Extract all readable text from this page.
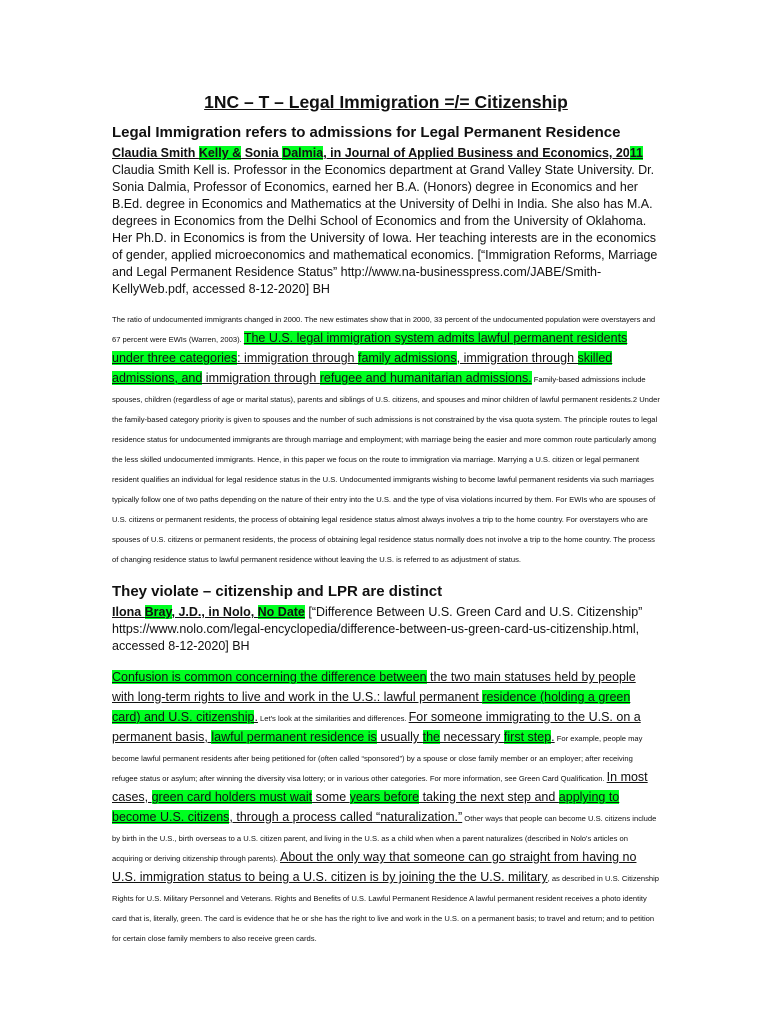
1NC – T – Legal Immigration =/= Citizenship

Legal Immigration refers to admissions for Legal Permanent Residence

Claudia Smith Kelly & Sonia Dalmia, in Journal of Applied Business and Economics, 2011

Claudia Smith Kell is. Professor in the Economics department at Grand Valley State University. Dr. Sonia Dalmia, Professor of Economics, earned her B.A. (Honors) degree in Economics and her B.Ed. degree in Economics and Mathematics at the University of Delhi in India. She also has M.A. degrees in Economics from the Delhi School of Economics and from the University of Oklahoma. Her Ph.D. in Economics is from the University of Iowa. Her teaching interests are in the economics of gender, applied microeconomics and mathematical economics. [“Immigration Reforms, Marriage and Legal Permanent Residence Status” http://www.na-businesspress.com/JABE/Smith-KellyWeb.pdf, accessed 8-12-2020] BH

The ratio of undocumented immigrants changed in 2000. The new estimates show that in 2000, 33 percent of the undocumented population were overstayers and 67 percent were EWIs (Warren, 2003). The U.S. legal immigration system admits lawful permanent residents under three categories: immigration through family admissions, immigration through skilled admissions, and immigration through refugee and humanitarian admissions. Family-based admissions include spouses, children (regardless of age or marital status), parents and siblings of U.S. citizens, and spouses and minor children of lawful permanent residents.2 Under the family-based category priority is given to spouses and the number of such admissions is not constrained by the visa quota system. The principle routes to legal residence status for undocumented immigrants are through marriage and employment; with marriage being the easier and more common route particularly among the less skilled undocumented immigrants. Hence, in this paper we focus on the route to immigration via marriage. Marrying a U.S. citizen or legal permanent resident qualifies an individual for legal residence status in the U.S. Undocumented immigrants wishing to become lawful permanent residents via such marriages typically follow one of two paths depending on the nature of their entry into the U.S. and the type of visa violations incurred by them. For EWIs who are spouses of U.S. citizens or permanent residents, the process of obtaining legal residence status almost always involves a trip to the home country. For overstayers who are spouses of U.S. citizens or permanent residents, the process of obtaining legal residence status normally does not involve a trip to the home country. The process of changing residence status to lawful permanent residence without leaving the U.S. is referred to as adjustment of status.

They violate – citizenship and LPR are distinct

Ilona Bray, J.D., in Nolo, No Date [“Difference Between U.S. Green Card and U.S. Citizenship” https://www.nolo.com/legal-encyclopedia/difference-between-us-green-card-us-citizenship.html, accessed 8-12-2020] BH

Confusion is common concerning the difference between the two main statuses held by people with long-term rights to live and work in the U.S.: lawful permanent residence (holding a green card) and U.S. citizenship. Let's look at the similarities and differences. For someone immigrating to the U.S. on a permanent basis, lawful permanent residence is usually the necessary first step. For example, people may become lawful permanent residents after being petitioned for (often called “sponsored”) by a spouse or close family member or an employer; after receiving refugee status or asylum; after winning the diversity visa lottery; or in various other categories. For more information, see Green Card Qualification. In most cases, green card holders must wait some years before taking the next step and applying to become U.S. citizens, through a process called “naturalization.” Other ways that people can become U.S. citizens include by birth in the U.S., birth overseas to a U.S. citizen parent, and living in the U.S. as a child when when a parent naturalizes (described in Nolo's articles on acquiring or deriving citizenship through parents). About the only way that someone can go straight from having no U.S. immigration status to being a U.S. citizen is by joining the the U.S. military, as described in U.S. Citizenship Rights for U.S. Military Personnel and Veterans. Rights and Benefits of U.S. Lawful Permanent Residence A lawful permanent resident receives a photo identity card that is, literally, green. The card is evidence that he or she has the right to live and work in the U.S. on a permanent basis; to travel and return; and to petition for certain close family members to also receive green cards.
